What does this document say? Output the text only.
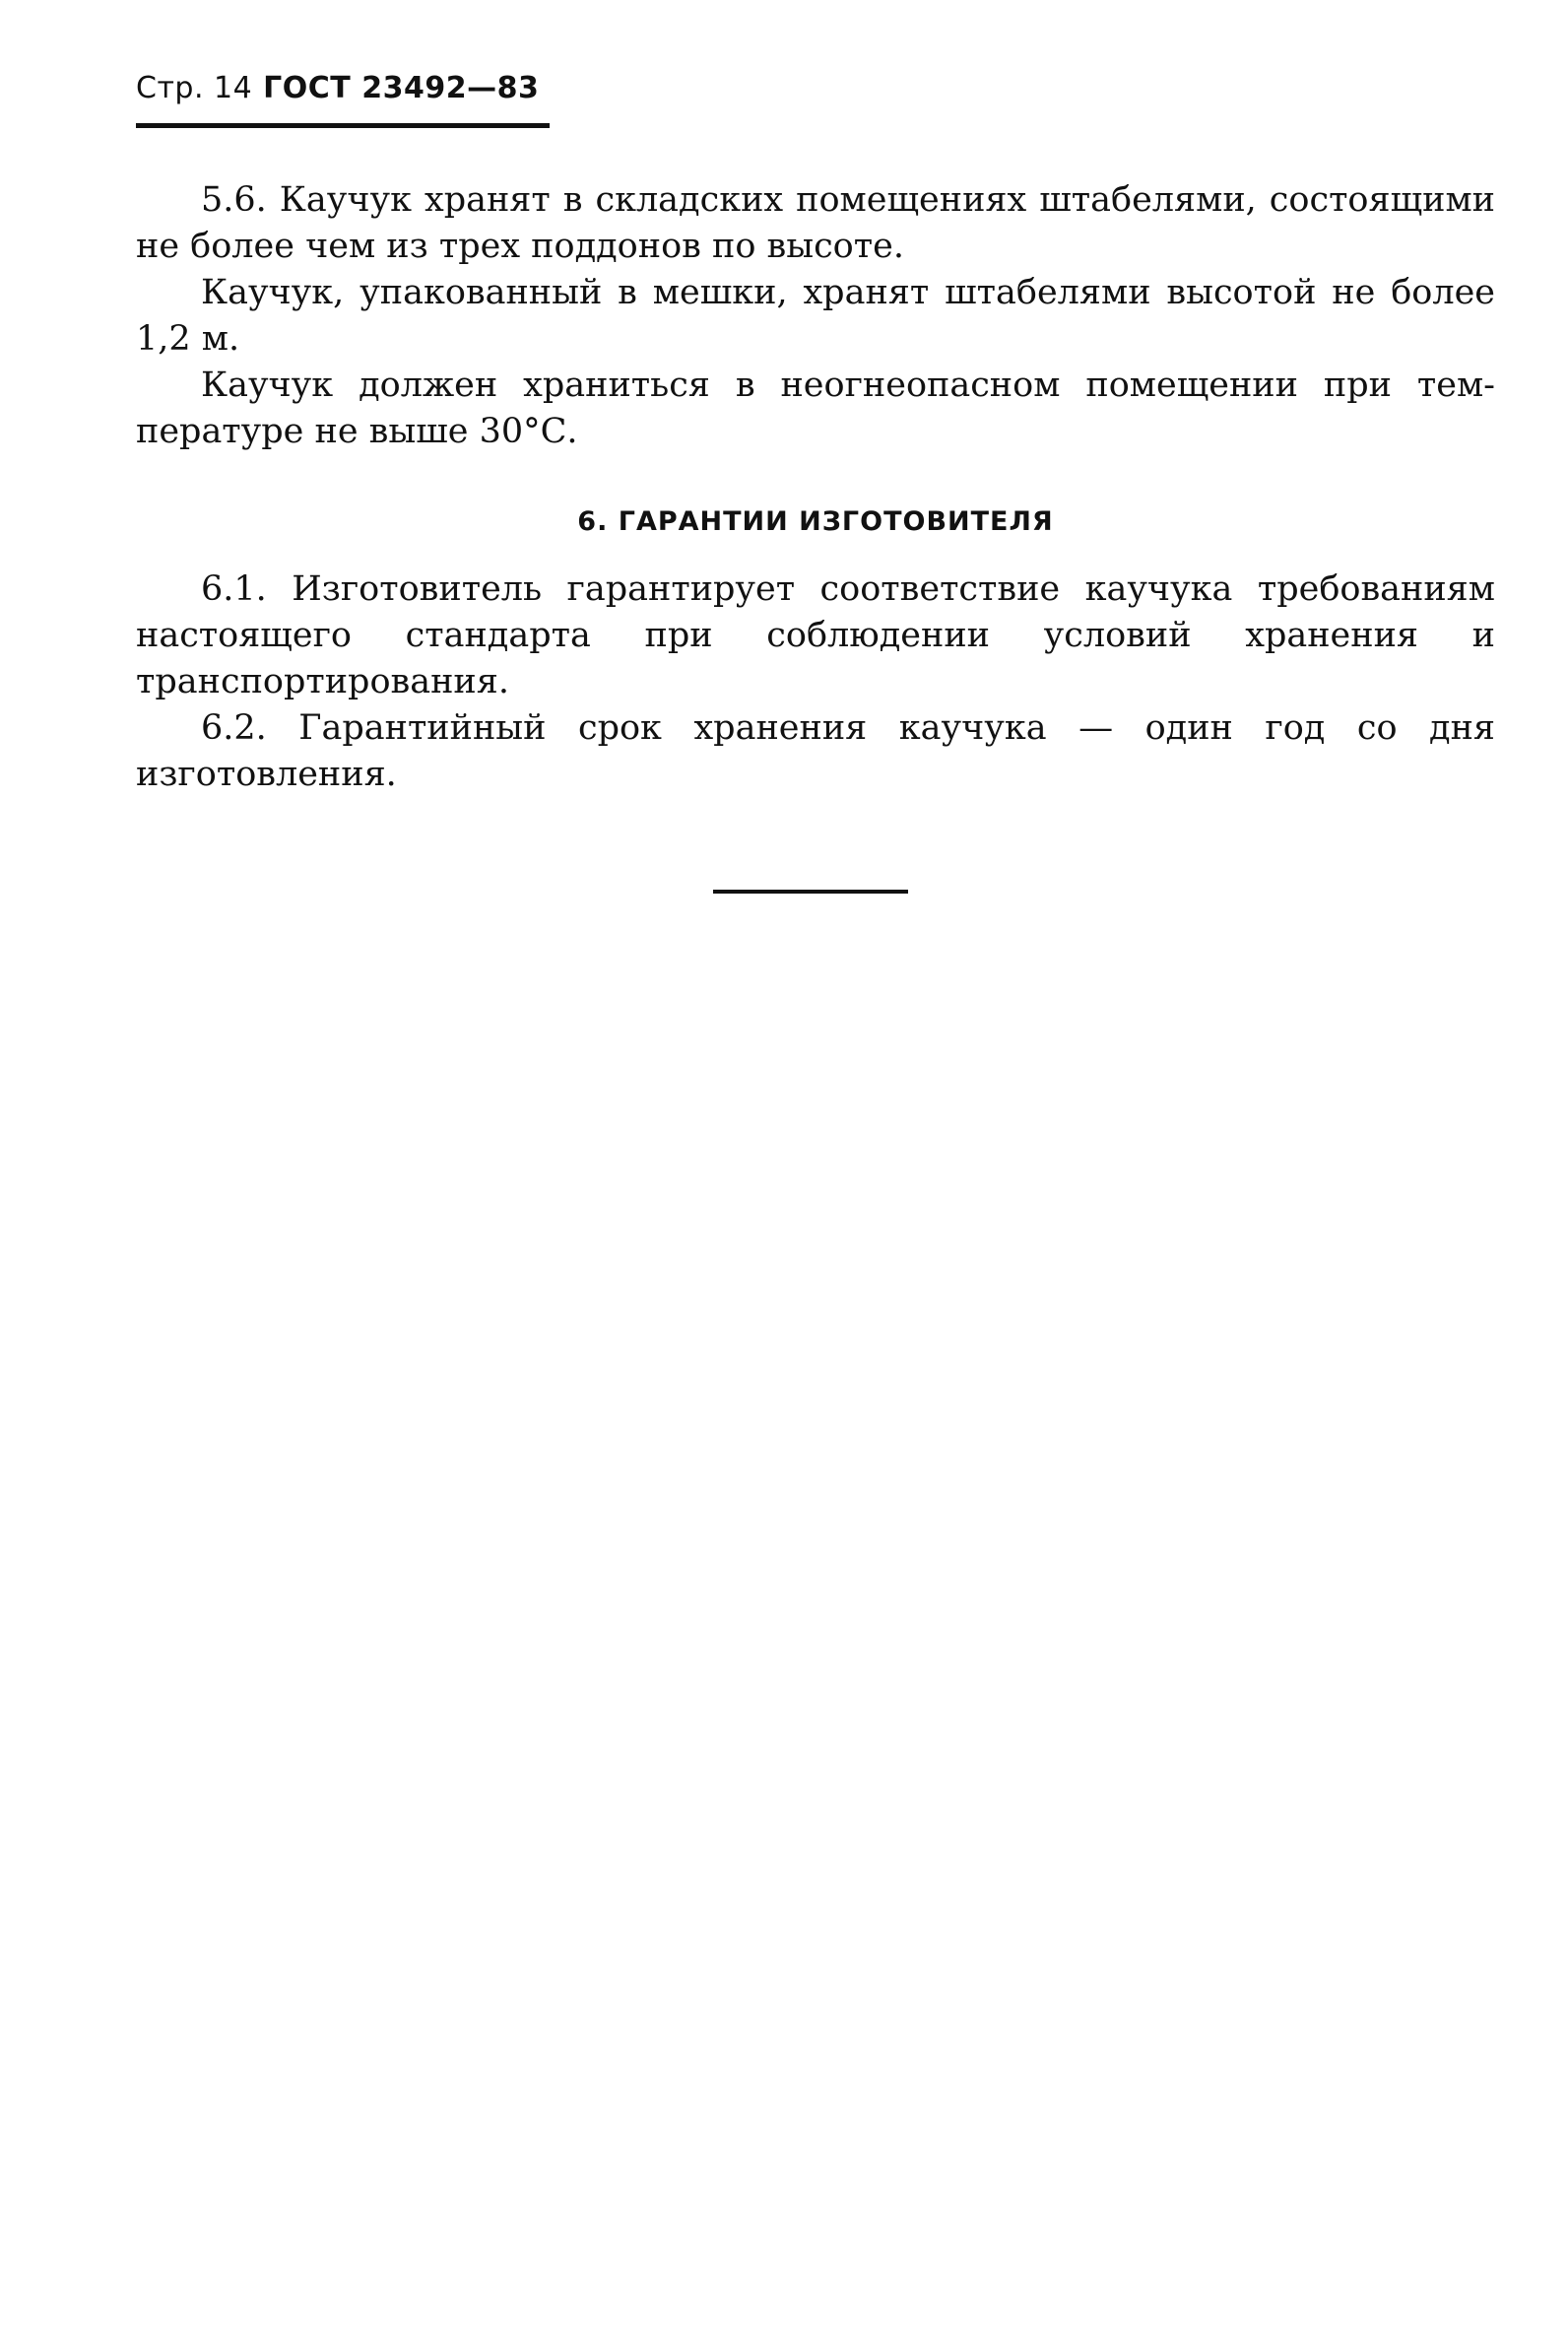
Стр. 14 ГОСТ 23492—83

5.6. Каучук хранят в складских помещениях штабелями, состоящими не более чем из трех поддонов по высоте.

Каучук, упакованный в мешки, хранят штабелями высотой не более 1,2 м.

Каучук должен храниться в неогнеопасном помещении при температуре не выше 30°С.

6. ГАРАНТИИ ИЗГОТОВИТЕЛЯ

6.1. Изготовитель гарантирует соответствие каучука требованиям настоящего стандарта при соблюдении условий хранения и транспортирования.

6.2. Гарантийный срок хранения каучука — один год со дня изготовления.
